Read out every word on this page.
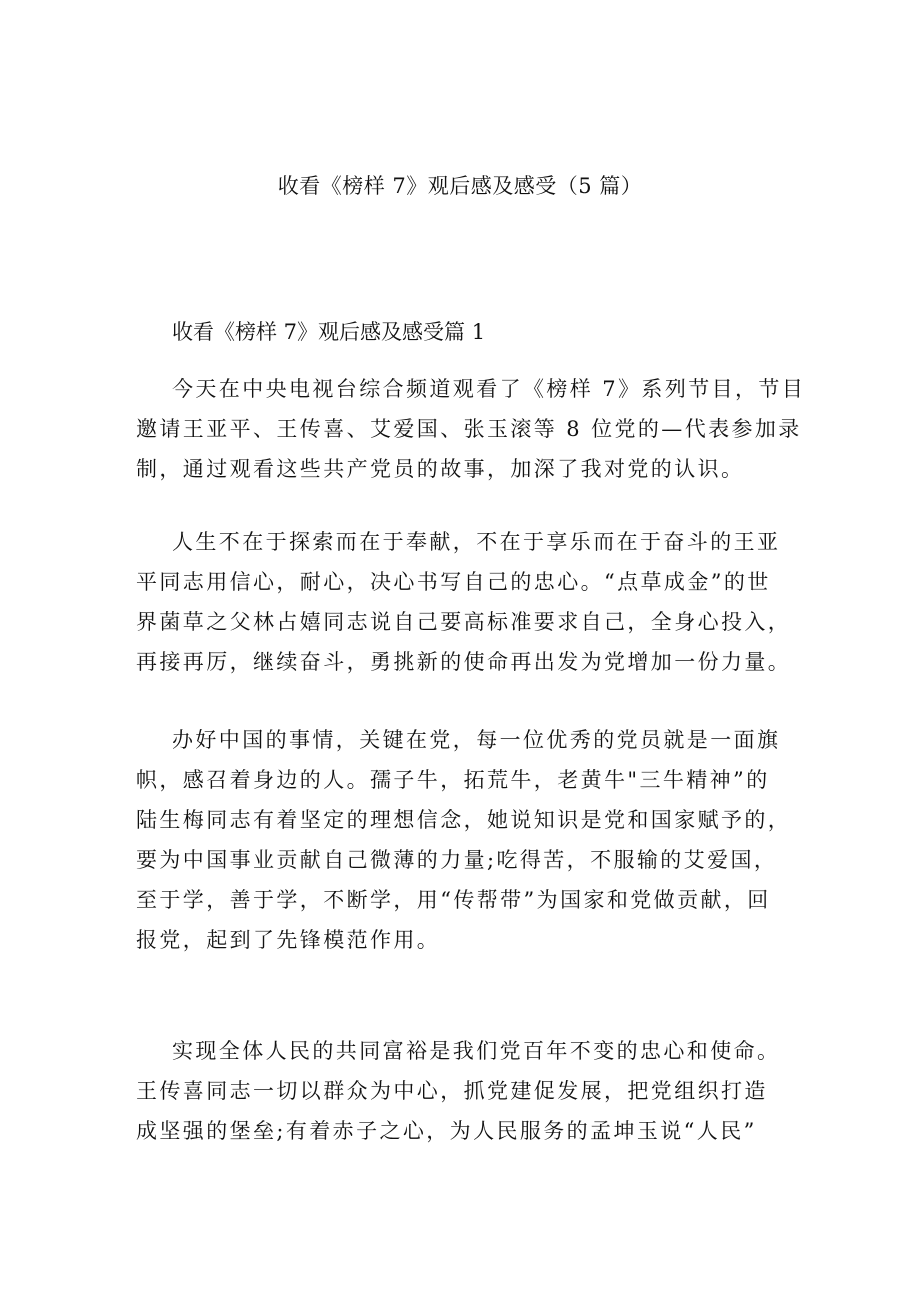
收看《榜样 7》观后感及感受（5 篇）
收看《榜样 7》观后感及感受篇 1
今天在中央电视台综合频道观看了《榜样 7》系列节目，节目
邀请王亚平、王传喜、艾爱国、张玉滚等 8 位党的—代表参加录
制，通过观看这些共产党员的故事，加深了我对党的认识。
人生不在于探索而在于奉献，不在于享乐而在于奋斗的王亚
平同志用信心，耐心，决心书写自己的忠心。“点草成金”的世
界菌草之父林占嬉同志说自己要高标准要求自己，全身心投入，
再接再厉，继续奋斗，勇挑新的使命再出发为党增加一份力量。
办好中国的事情，关键在党，每一位优秀的党员就是一面旗
帜，感召着身边的人。孺子牛，拓荒牛，老黄牛"三牛精神”的
陆生梅同志有着坚定的理想信念，她说知识是党和国家赋予的，
要为中国事业贡献自己微薄的力量;吃得苦，不服输的艾爱国，
至于学，善于学，不断学，用“传帮带”为国家和党做贡献，回
报党，起到了先锋模范作用。
实现全体人民的共同富裕是我们党百年不变的忠心和使命。
王传喜同志一切以群众为中心，抓党建促发展，把党组织打造
成坚强的堡垒;有着赤子之心，为人民服务的孟坤玉说“人民”
